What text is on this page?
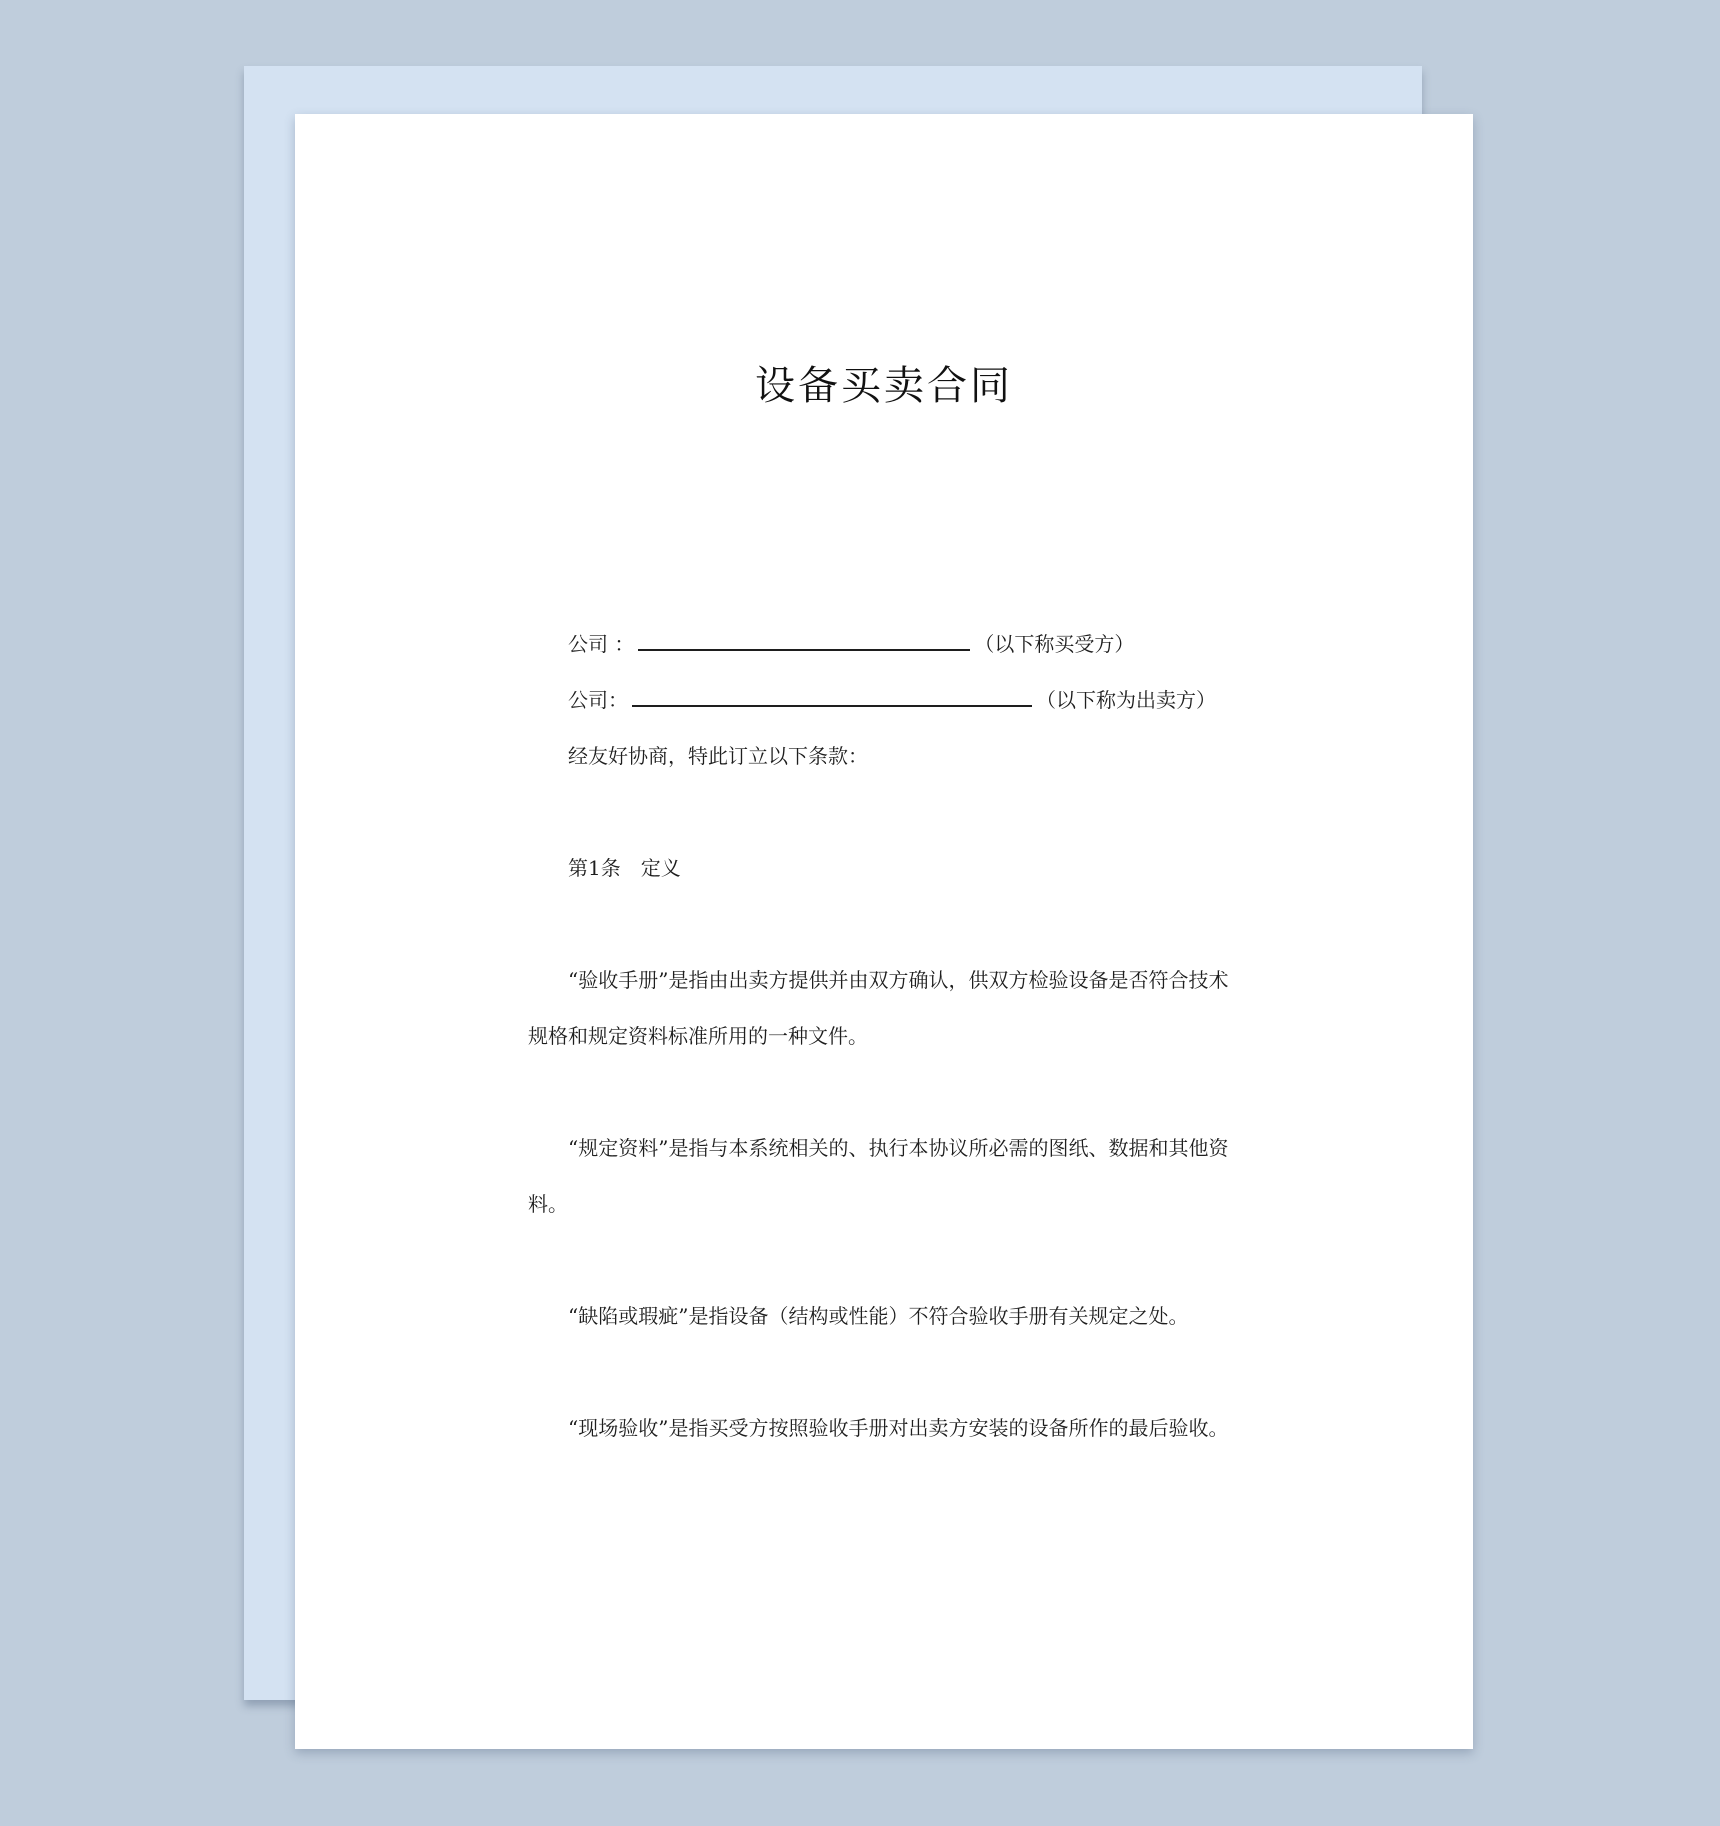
设备买卖合同
公司 ：	（以下称买受方）
公司：	（以下称为出卖方）
经友好协商，特此订立以下条款：
第1条　定义
“验收手册”是指由出卖方提供并由双方确认，供双方检验设备是否符合技术
规格和规定资料标准所用的一种文件。
“规定资料”是指与本系统相关的、执行本协议所必需的图纸、数据和其他资
料。
“缺陷或瑕疵”是指设备（结构或性能）不符合验收手册有关规定之处。
“现场验收”是指买受方按照验收手册对出卖方安装的设备所作的最后验收。
